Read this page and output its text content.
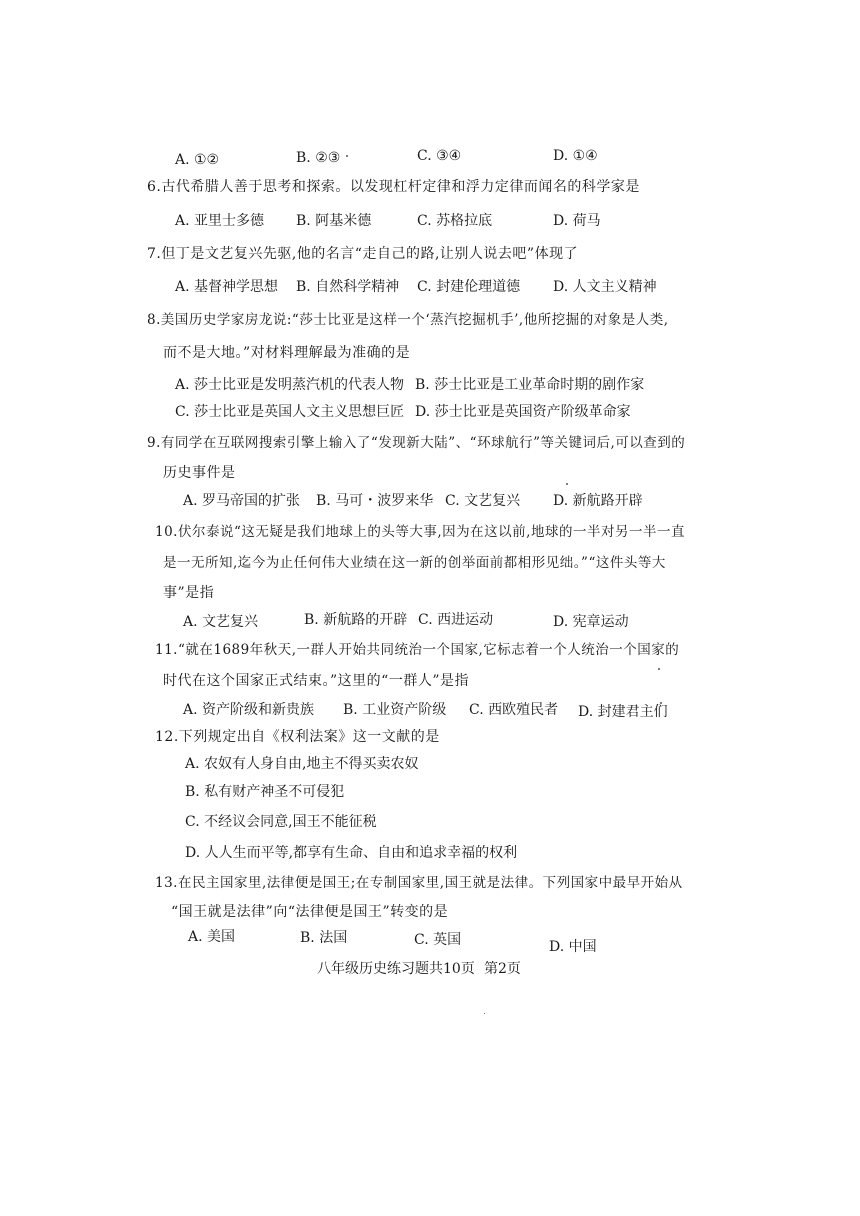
A. ①②	B. ②③	C. ③④	D. ①④
6.古代希腊人善于思考和探索。以发现杠杆定律和浮力定律而闻名的科学家是
A. 亚里士多德 B. 阿基米德	C. 苏格拉底	D. 荷马
7.但丁是文艺复兴先驱,他的名言“走自己的路,让别人说去吧”体现了
A. 基督神学思想 B. 自然科学精神 C. 封建伦理道德 D. 人文主义精神
8.美国历史学家房龙说:“莎士比亚是这样一个‘蒸汽挖掘机手’,他所挖掘的对象是人类,
而不是大地。”对材料理解最为准确的是
A. 莎士比亚是发明蒸汽机的代表人物 B. 莎士比亚是工业革命时期的剧作家
C. 莎士比亚是英国人文主义思想巨匠 D. 莎士比亚是英国资产阶级革命家
9.有同学在互联网搜索引擎上输入了“发现新大陆”、“环球航行”等关键词后,可以查到的
历史事件是
A. 罗马帝国的扩张 B. 马可・波罗来华 C. 文艺复兴 D. 新航路开辟
10.伏尔泰说“这无疑是我们地球上的头等大事,因为在这以前,地球的一半对另一半一直
是一无所知,迄今为止任何伟大业绩在这一新的创举面前都相形见绌。”“这件头等大
事”是指
A. 文艺复兴	B. 新航路的开辟 C. 西进运动	D. 宪章运动
11.“就在1689年秋天,一群人开始共同统治一个国家,它标志着一个人统治一个国家的
时代在这个国家正式结束。”这里的“一群人”是指
A. 资产阶级和新贵族 B. 工业资产阶级 C. 西欧殖民者 D. 封建君主们
12.下列规定出自《权利法案》这一文献的是
A. 农奴有人身自由,地主不得买卖农奴
B. 私有财产神圣不可侵犯
C. 不经议会同意,国王不能征税
D. 人人生而平等,都享有生命、自由和追求幸福的权利
13.在民主国家里,法律便是国王;在专制国家里,国王就是法律。下列国家中最早开始从
“国王就是法律”向“法律便是国王”转变的是
A. 美国	B. 法国	C. 英国	D. 中国
八年级历史练习题共10页 第2页
